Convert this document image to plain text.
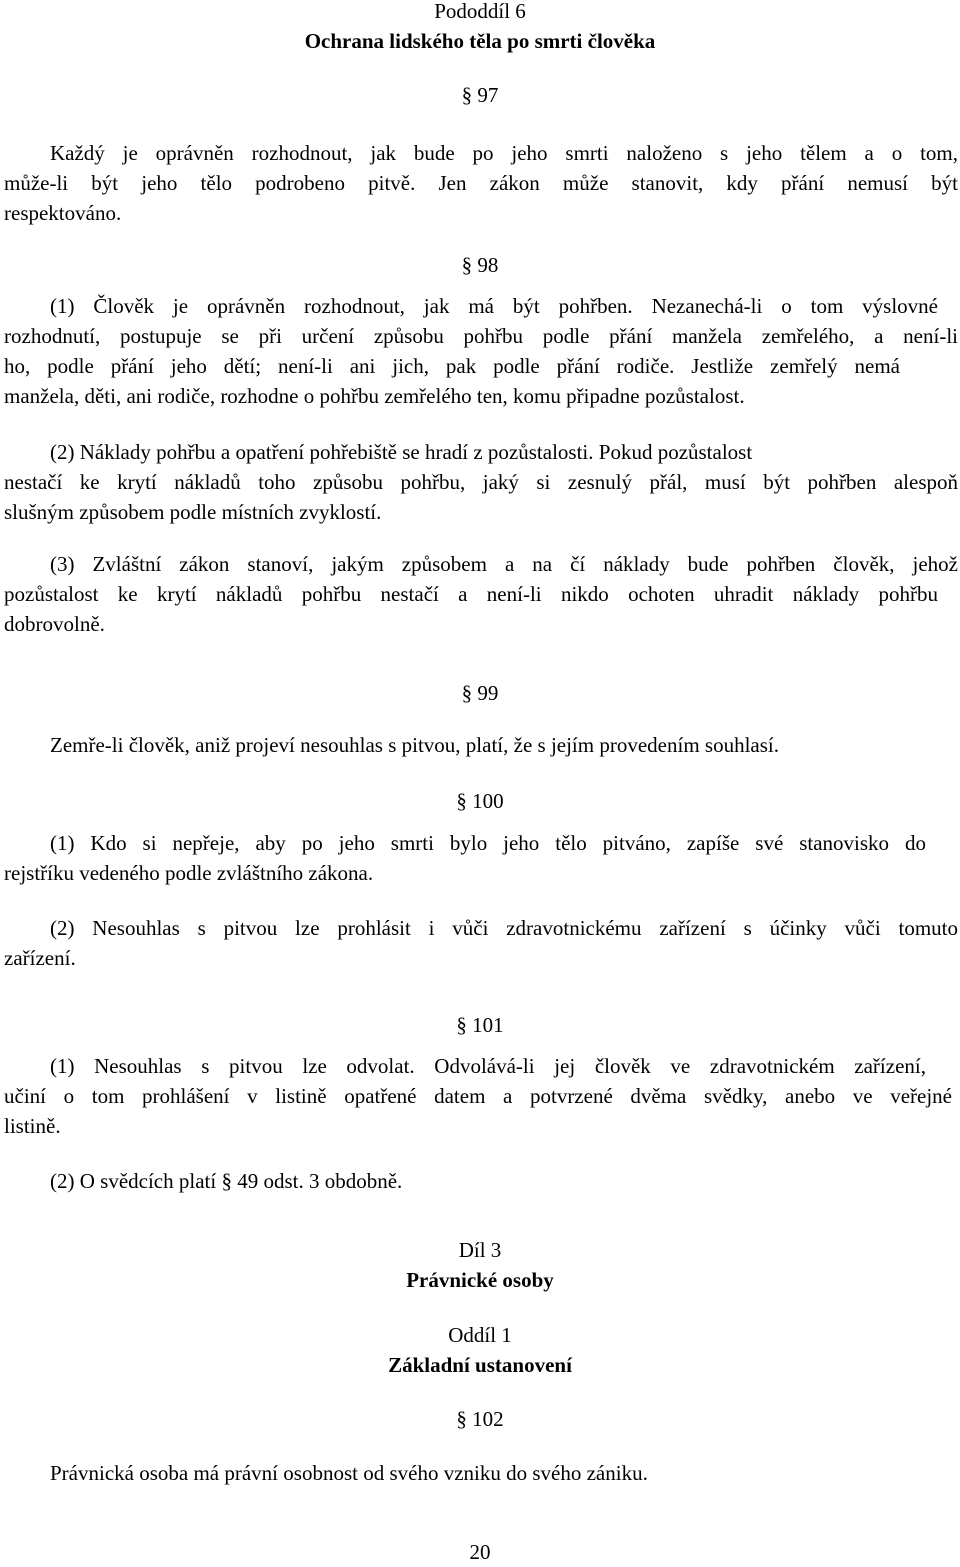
Pododdíl 6
Ochrana lidského těla po smrti člověka
§ 97
Každý je oprávněn rozhodnout, jak bude po jeho smrti naloženo s jeho tělem a o tom,
může-li být jeho tělo podrobeno pitvě. Jen zákon může stanovit, kdy přání nemusí být
respektováno.
§ 98
(1) Člověk je oprávněn rozhodnout, jak má být pohřben. Nezanechá-li o tom výslovné
rozhodnutí, postupuje se při určení způsobu pohřbu podle přání manžela zemřelého, a není-li
ho, podle přání jeho dětí; není-li ani jich, pak podle přání rodiče. Jestliže zemřelý nemá
manžela, děti, ani rodiče, rozhodne o pohřbu zemřelého ten, komu připadne pozůstalost.
(2) Náklady pohřbu a opatření pohřebiště se hradí z pozůstalosti. Pokud pozůstalost
nestačí ke krytí nákladů toho způsobu pohřbu, jaký si zesnulý přál, musí být pohřben alespoň
slušným způsobem podle místních zvyklostí.
(3) Zvláštní zákon stanoví, jakým způsobem a na čí náklady bude pohřben člověk, jehož
pozůstalost ke krytí nákladů pohřbu nestačí a není-li nikdo ochoten uhradit náklady pohřbu
dobrovolně.
§ 99
Zemře-li člověk, aniž projeví nesouhlas s pitvou, platí, že s jejím provedením souhlasí.
§ 100
(1) Kdo si nepřeje, aby po jeho smrti bylo jeho tělo pitváno, zapíše své stanovisko do
rejstříku vedeného podle zvláštního zákona.
(2) Nesouhlas s pitvou lze prohlásit i vůči zdravotnickému zařízení s účinky vůči tomuto
zařízení.
§ 101
(1) Nesouhlas s pitvou lze odvolat. Odvolává-li jej člověk ve zdravotnickém zařízení,
učiní o tom prohlášení v listině opatřené datem a potvrzené dvěma svědky, anebo ve veřejné
listině.
(2) O svědcích platí § 49 odst. 3 obdobně.
Díl 3
Právnické osoby
Oddíl 1
Základní ustanovení
§ 102
Právnická osoba má právní osobnost od svého vzniku do svého zániku.
20
